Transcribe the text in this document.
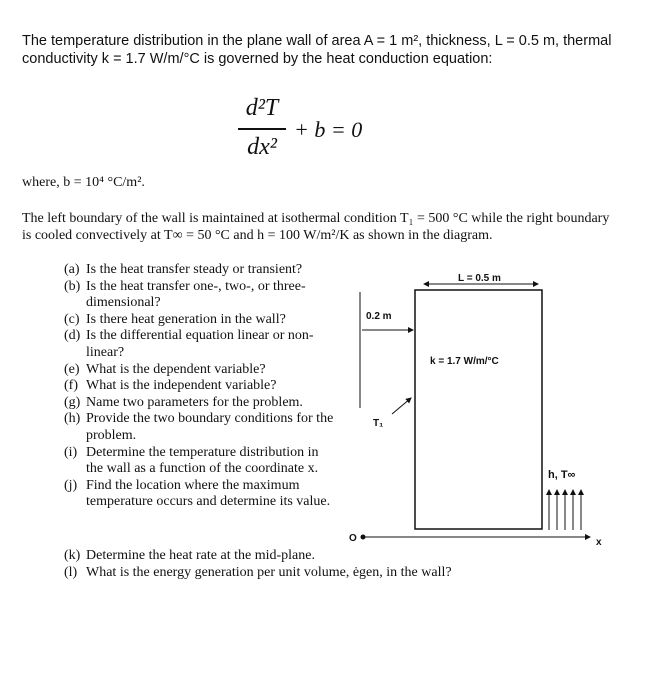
The temperature distribution in the plane wall of area A = 1 m², thickness, L = 0.5 m, thermal conductivity k = 1.7 W/m/°C is governed by the heat conduction equation:
d²T
dx²
+ b = 0
where, b = 10⁴ °C/m².
The left boundary of the wall is maintained at isothermal condition T₁ = 500 °C while the right boundary is cooled convectively at T∞ = 50 °C and h = 100 W/m²/K as shown in the diagram.
(a) Is the heat transfer steady or transient?
(b) Is the heat transfer one-, two-, or three-dimensional?
(c) Is there heat generation in the wall?
(d) Is the differential equation linear or non-linear?
(e) What is the dependent variable?
(f) What is the independent variable?
(g) Name two parameters for the problem.
(h) Provide the two boundary conditions for the problem.
(i) Determine the temperature distribution in the wall as a function of the coordinate x.
(j) Find the location where the maximum temperature occurs and determine its value.
(k) Determine the heat rate at the mid-plane.
(l) What is the energy generation per unit volume, ėgen, in the wall?
L = 0.5 m
0.2 m
k = 1.7 W/m/°C
T₁
O	x
h, T∞
